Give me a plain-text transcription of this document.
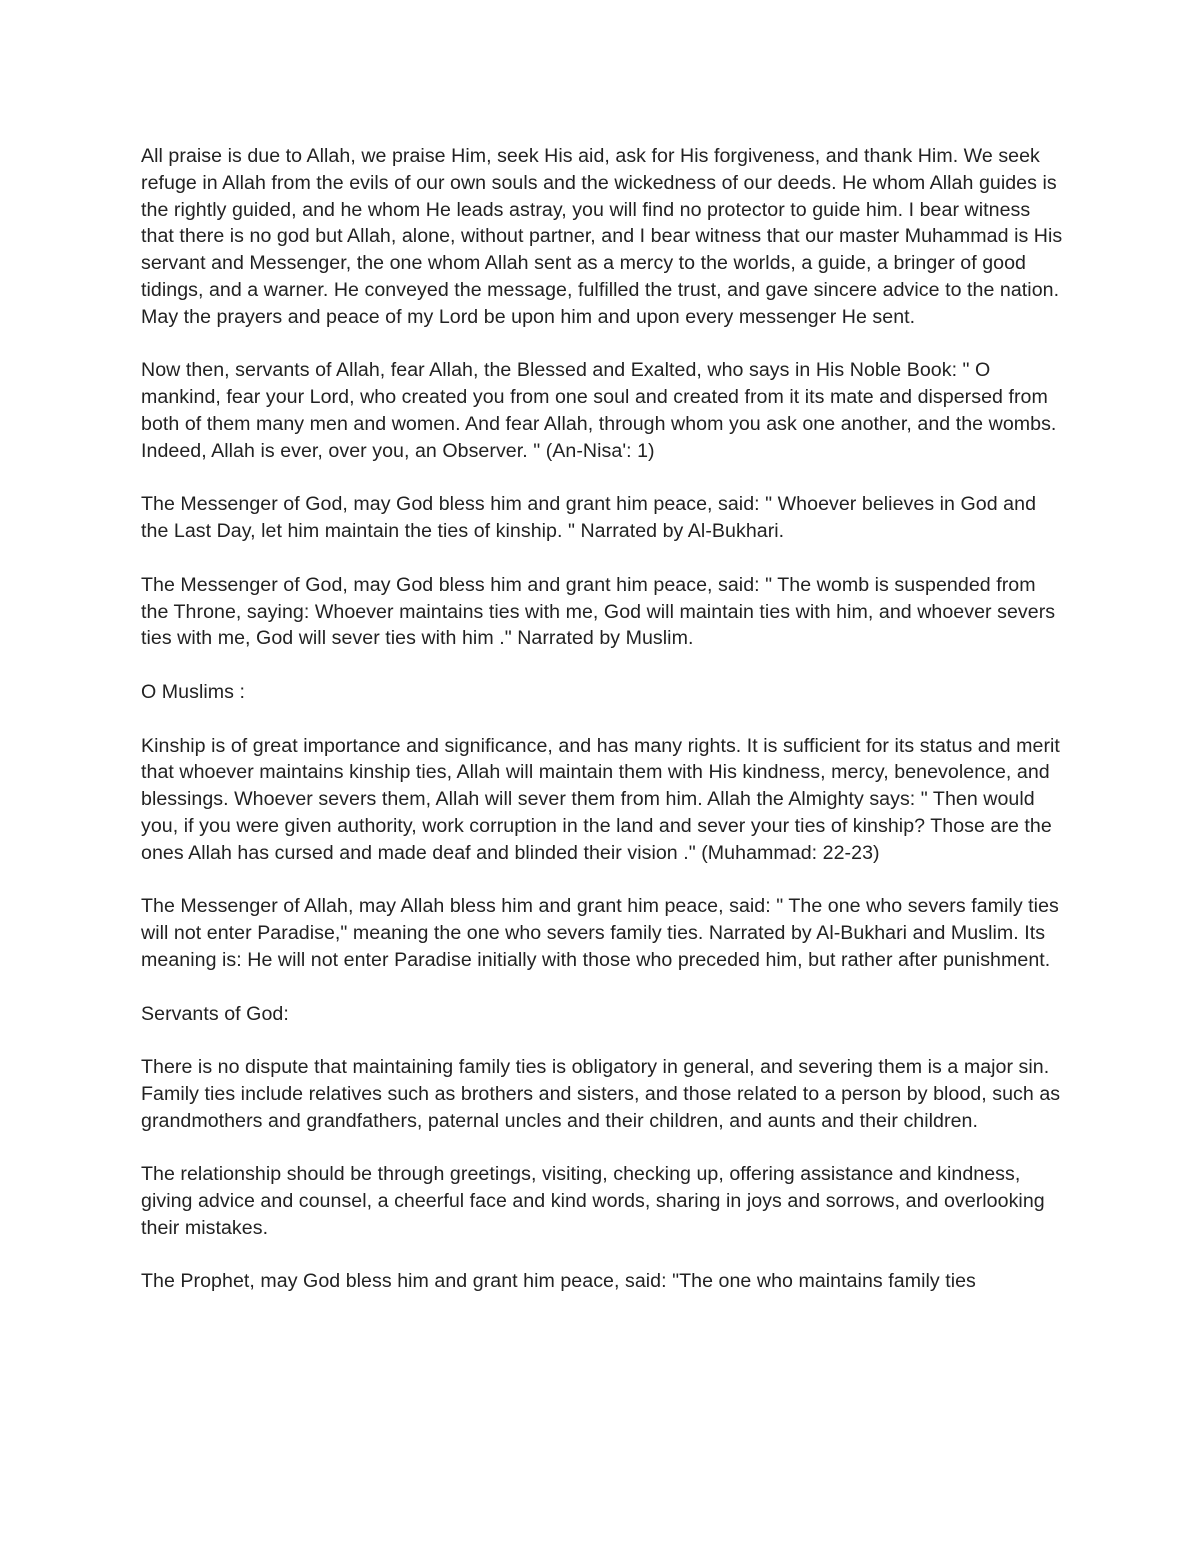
All praise is due to Allah, we praise Him, seek His aid, ask for His forgiveness, and thank Him. We seek refuge in Allah from the evils of our own souls and the wickedness of our deeds. He whom Allah guides is the rightly guided, and he whom He leads astray, you will find no protector to guide him. I bear witness that there is no god but Allah, alone, without partner, and I bear witness that our master Muhammad is His servant and Messenger, the one whom Allah sent as a mercy to the worlds, a guide, a bringer of good tidings, and a warner. He conveyed the message, fulfilled the trust, and gave sincere advice to the nation. May the prayers and peace of my Lord be upon him and upon every messenger He sent.

Now then, servants of Allah, fear Allah, the Blessed and Exalted, who says in His Noble Book: " O mankind, fear your Lord, who created you from one soul and created from it its mate and dispersed from both of them many men and women. And fear Allah, through whom you ask one another, and the wombs. Indeed, Allah is ever, over you, an Observer. " (An-Nisa': 1)

The Messenger of God, may God bless him and grant him peace, said: " Whoever believes in God and the Last Day, let him maintain the ties of kinship. " Narrated by Al-Bukhari.

The Messenger of God, may God bless him and grant him peace, said: " The womb is suspended from the Throne, saying: Whoever maintains ties with me, God will maintain ties with him, and whoever severs ties with me, God will sever ties with him ." Narrated by Muslim.

O Muslims :

Kinship is of great importance and significance, and has many rights. It is sufficient for its status and merit that whoever maintains kinship ties, Allah will maintain them with His kindness, mercy, benevolence, and blessings. Whoever severs them, Allah will sever them from him. Allah the Almighty says: " Then would you, if you were given authority, work corruption in the land and sever your ties of kinship? Those are the ones Allah has cursed and made deaf and blinded their vision ." (Muhammad: 22-23)

The Messenger of Allah, may Allah bless him and grant him peace, said: " The one who severs family ties will not enter Paradise," meaning the one who severs family ties. Narrated by Al-Bukhari and Muslim. Its meaning is: He will not enter Paradise initially with those who preceded him, but rather after punishment.

Servants of God:

There is no dispute that maintaining family ties is obligatory in general, and severing them is a major sin. Family ties include relatives such as brothers and sisters, and those related to a person by blood, such as grandmothers and grandfathers, paternal uncles and their children, and aunts and their children.

The relationship should be through greetings, visiting, checking up, offering assistance and kindness, giving advice and counsel, a cheerful face and kind words, sharing in joys and sorrows, and overlooking their mistakes.

The Prophet, may God bless him and grant him peace, said: "The one who maintains family ties
